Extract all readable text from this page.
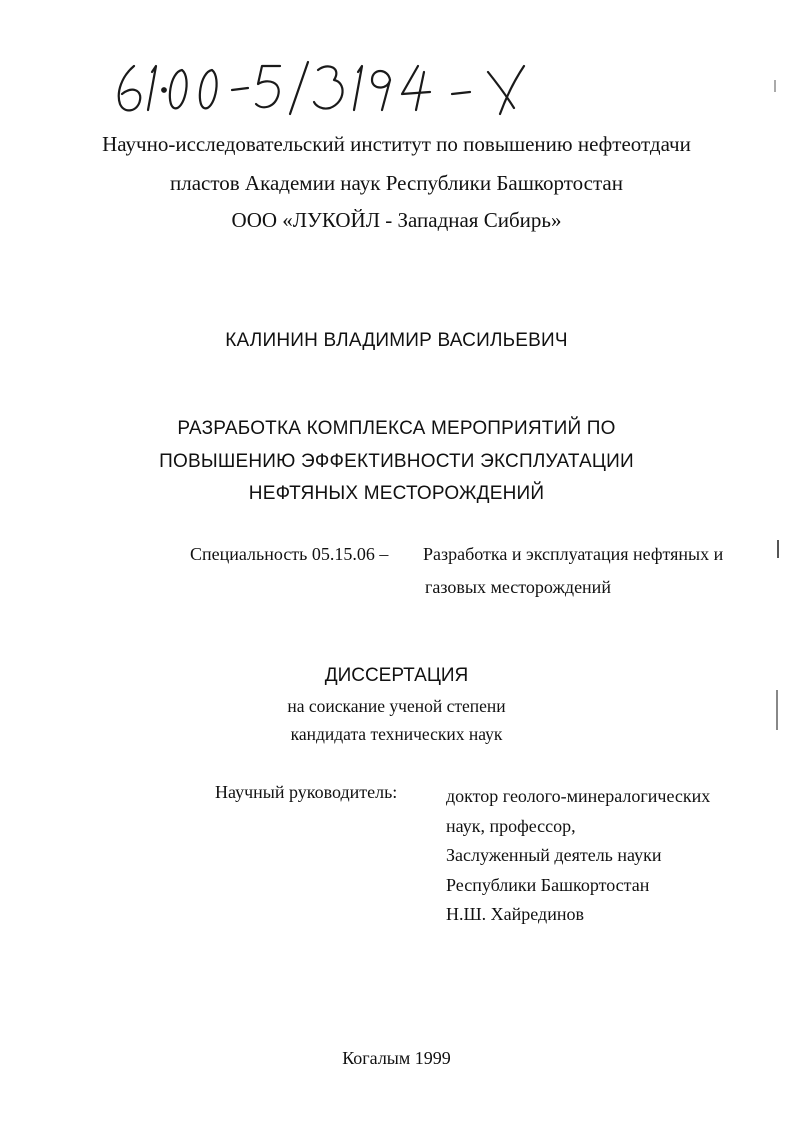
Научно-исследовательский институт по повышению нефтеотдачи
пластов Академии наук Республики Башкортостан
ООО «ЛУКОЙЛ - Западная Сибирь»
КАЛИНИН ВЛАДИМИР ВАСИЛЬЕВИЧ
РАЗРАБОТКА КОМПЛЕКСА МЕРОПРИЯТИЙ ПО
ПОВЫШЕНИЮ ЭФФЕКТИВНОСТИ ЭКСПЛУАТАЦИИ
НЕФТЯНЫХ МЕСТОРОЖДЕНИЙ
Специальность 05.15.06 – Разработка и эксплуатация нефтяных и
газовых месторождений
ДИССЕРТАЦИЯ
на соискание ученой степени
кандидата технических наук
Научный руководитель:	доктор геолого-минералогических
наук, профессор,
Заслуженный деятель науки
Республики Башкортостан
Н.Ш. Хайрединов
Когалым 1999
